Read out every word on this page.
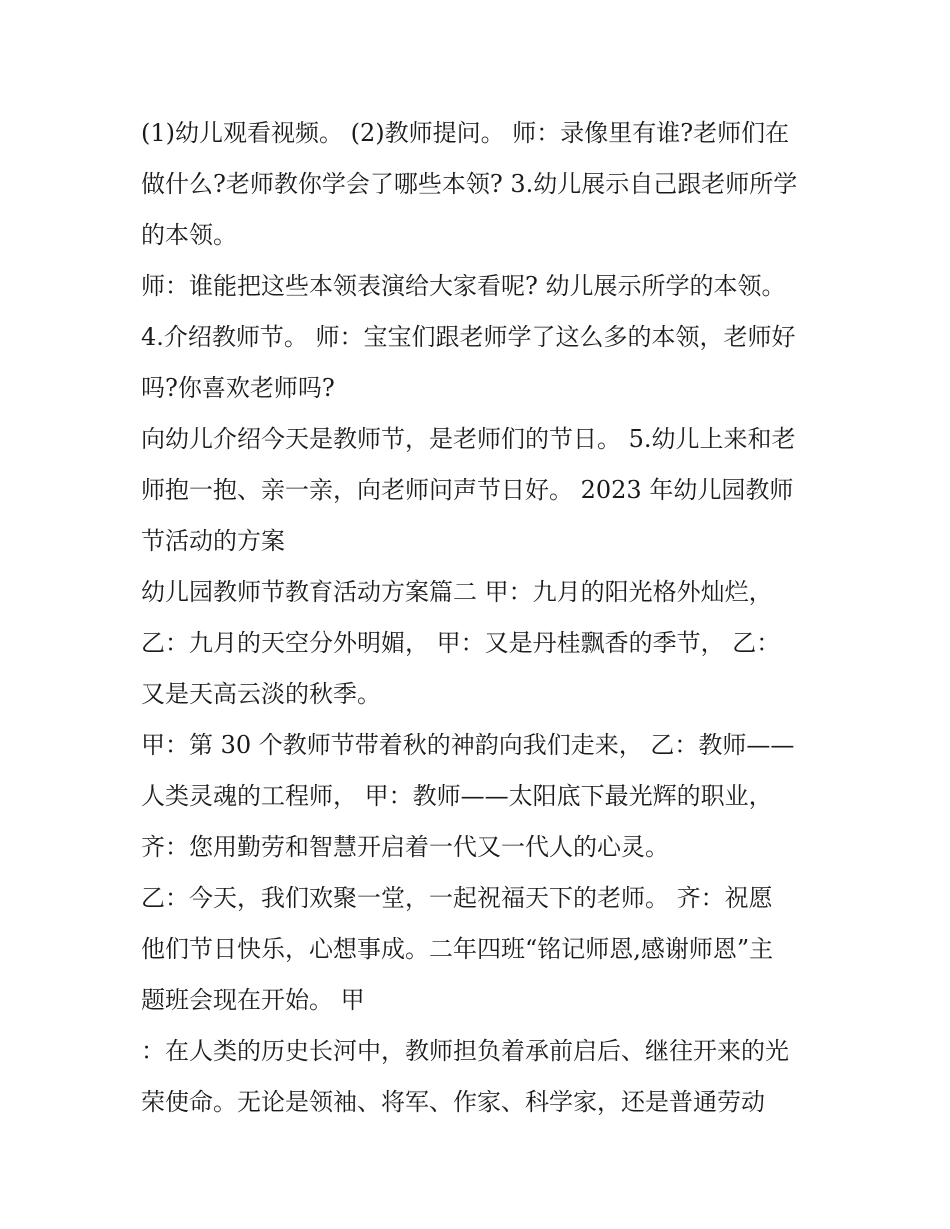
(1)幼儿观看视频。 (2)教师提问。 师：录像里有谁?老师们在
做什么?老师教你学会了哪些本领? 3.幼儿展示自己跟老师所学
的本领。
师：谁能把这些本领表演给大家看呢? 幼儿展示所学的本领。
4.介绍教师节。 师：宝宝们跟老师学了这么多的本领，老师好
吗?你喜欢老师吗?
向幼儿介绍今天是教师节，是老师们的节日。 5.幼儿上来和老
师抱一抱、亲一亲，向老师问声节日好。 2023 年幼儿园教师
节活动的方案
幼儿园教师节教育活动方案篇二 甲：九月的阳光格外灿烂，
乙：九月的天空分外明媚， 甲：又是丹桂飘香的季节， 乙：
又是天高云淡的秋季。
甲：第 30 个教师节带着秋的神韵向我们走来， 乙：教师——
人类灵魂的工程师， 甲：教师——太阳底下最光辉的职业，
齐：您用勤劳和智慧开启着一代又一代人的心灵。
乙：今天，我们欢聚一堂，一起祝福天下的老师。 齐：祝愿
他们节日快乐，心想事成。二年四班“铭记师恩,感谢师恩”主
题班会现在开始。 甲
：在人类的历史长河中，教师担负着承前启后、继往开来的光
荣使命。无论是领袖、将军、作家、科学家，还是普通劳动
